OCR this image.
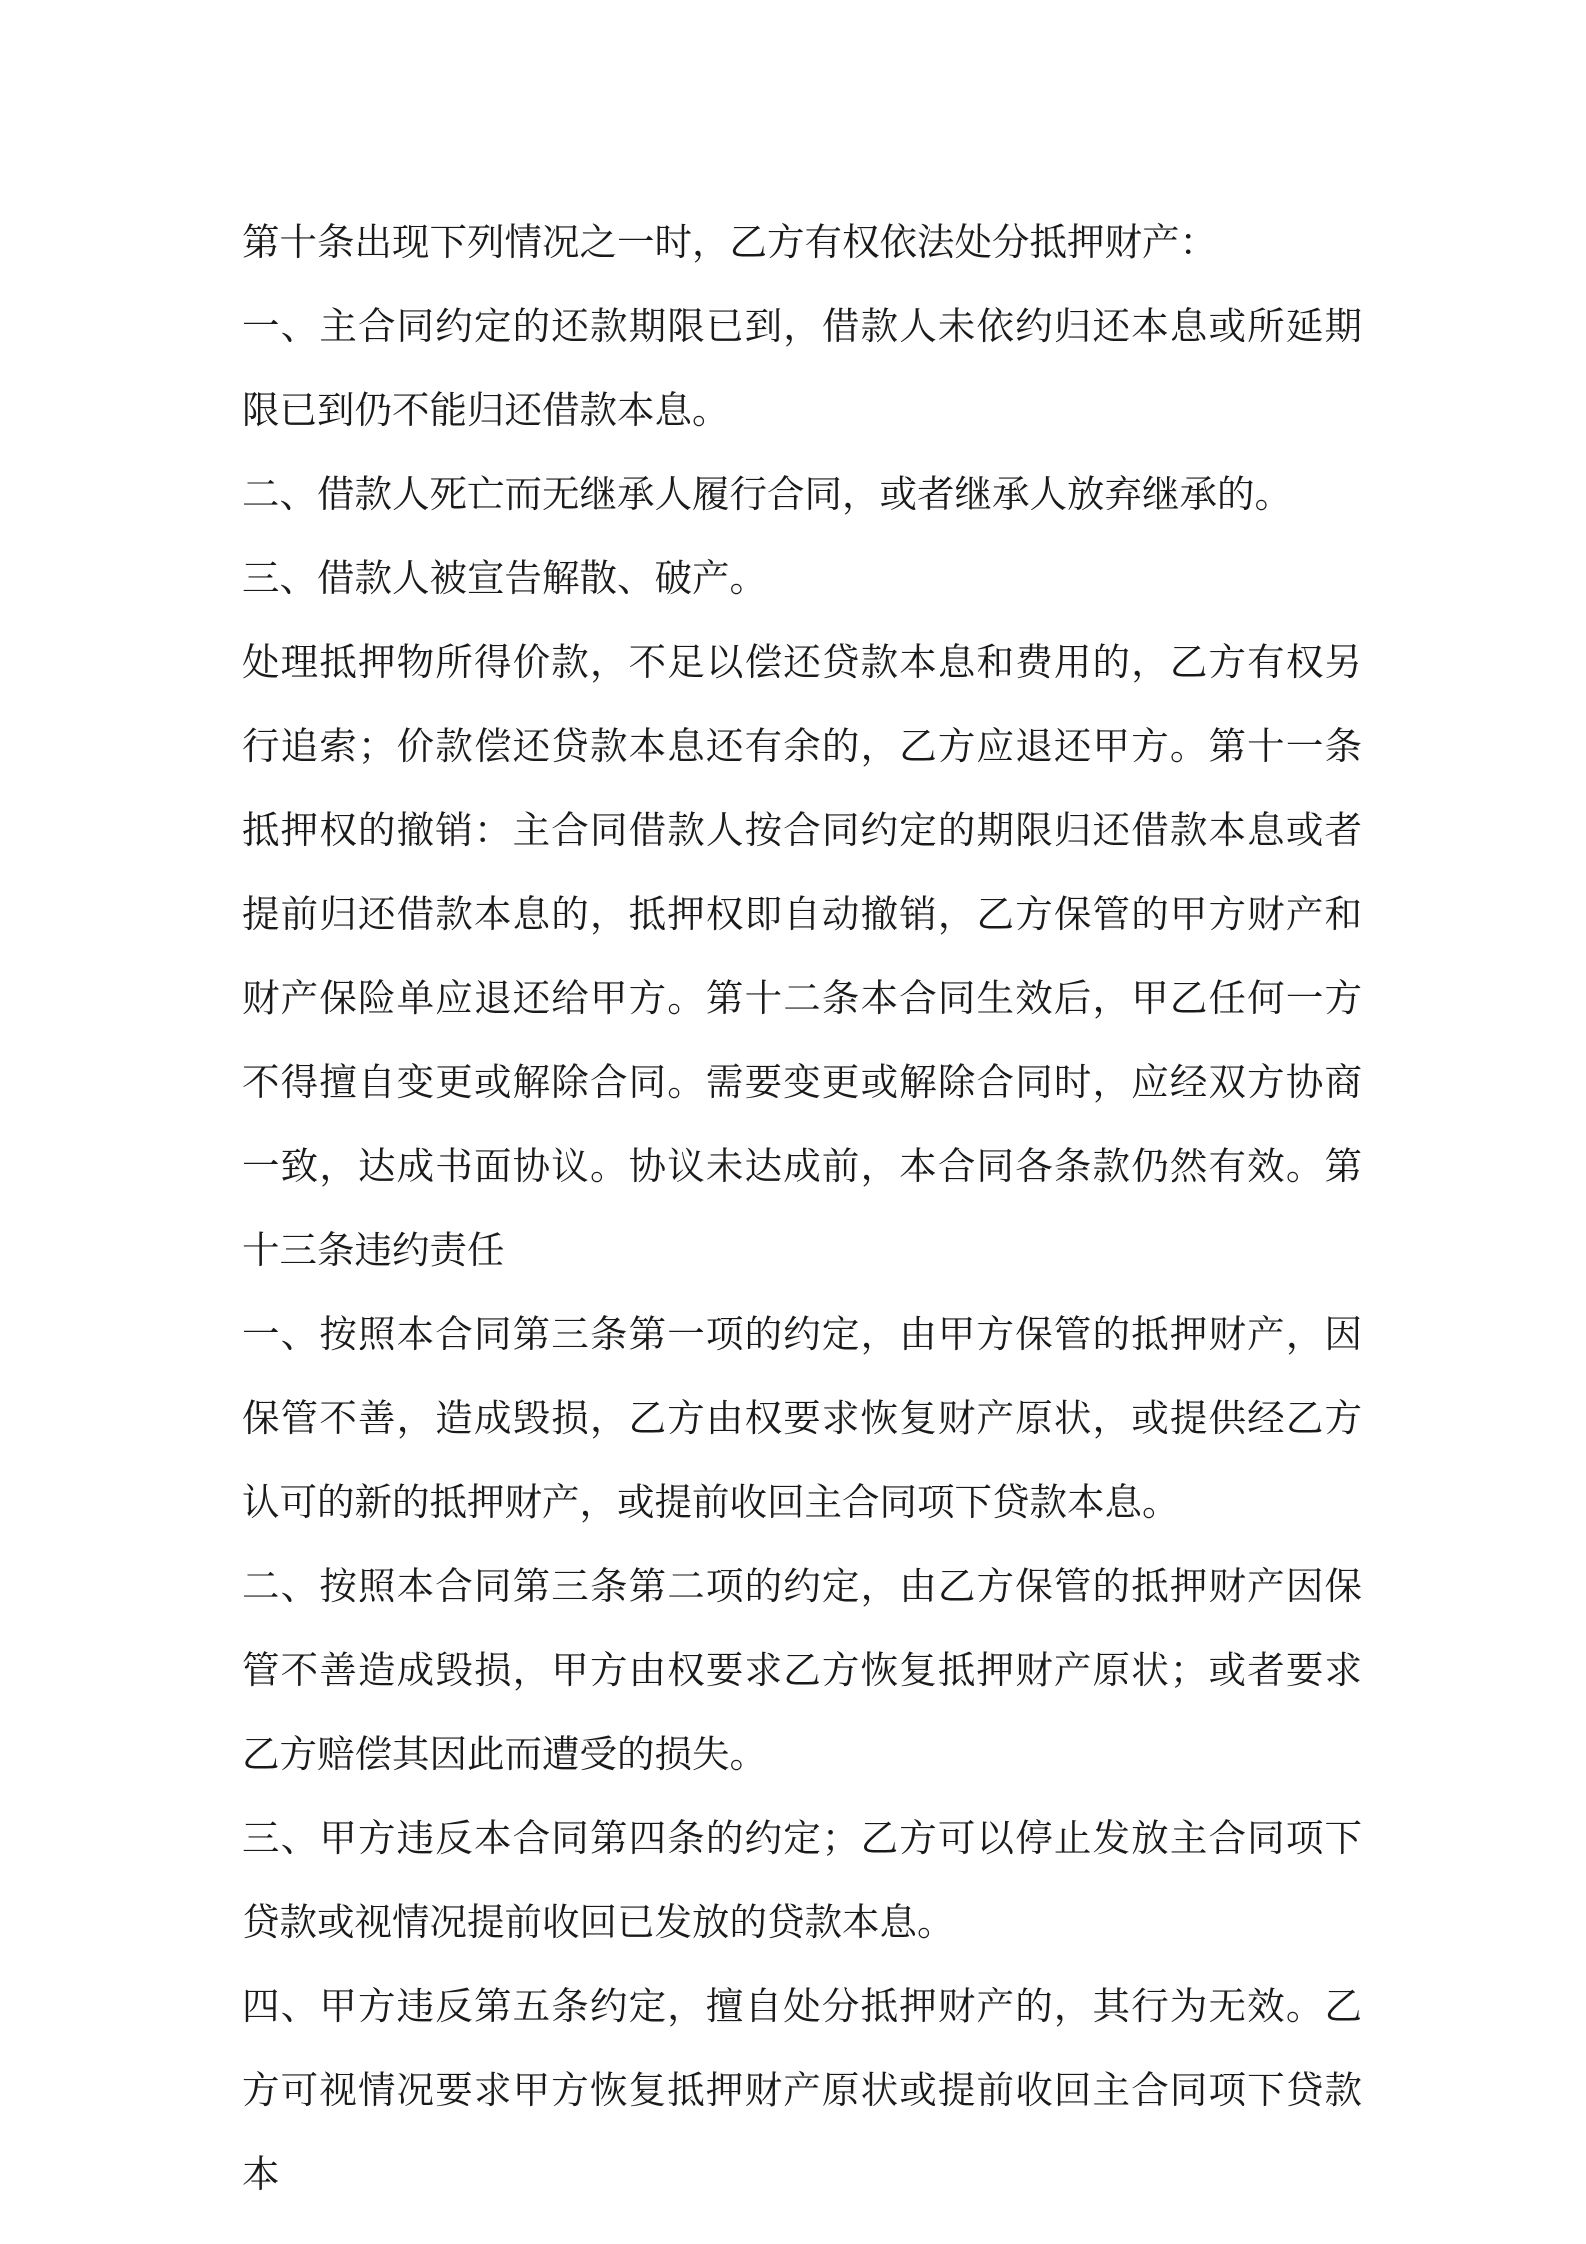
第十条出现下列情况之一时，乙方有权依法处分抵押财产：

一、主合同约定的还款期限已到，借款人未依约归还本息或所延期限已到仍不能归还借款本息。

二、借款人死亡而无继承人履行合同，或者继承人放弃继承的。

三、借款人被宣告解散、破产。

处理抵押物所得价款，不足以偿还贷款本息和费用的，乙方有权另行追索；价款偿还贷款本息还有余的，乙方应退还甲方。第十一条抵押权的撤销：主合同借款人按合同约定的期限归还借款本息或者提前归还借款本息的，抵押权即自动撤销，乙方保管的甲方财产和财产保险单应退还给甲方。第十二条本合同生效后，甲乙任何一方不得擅自变更或解除合同。需要变更或解除合同时，应经双方协商一致，达成书面协议。协议未达成前，本合同各条款仍然有效。第十三条违约责任

一、按照本合同第三条第一项的约定，由甲方保管的抵押财产，因保管不善，造成毁损，乙方由权要求恢复财产原状，或提供经乙方认可的新的抵押财产，或提前收回主合同项下贷款本息。

二、按照本合同第三条第二项的约定，由乙方保管的抵押财产因保管不善造成毁损，甲方由权要求乙方恢复抵押财产原状；或者要求乙方赔偿其因此而遭受的损失。

三、甲方违反本合同第四条的约定；乙方可以停止发放主合同项下贷款或视情况提前收回已发放的贷款本息。

四、甲方违反第五条约定，擅自处分抵押财产的，其行为无效。乙方可视情况要求甲方恢复抵押财产原状或提前收回主合同项下贷款本
